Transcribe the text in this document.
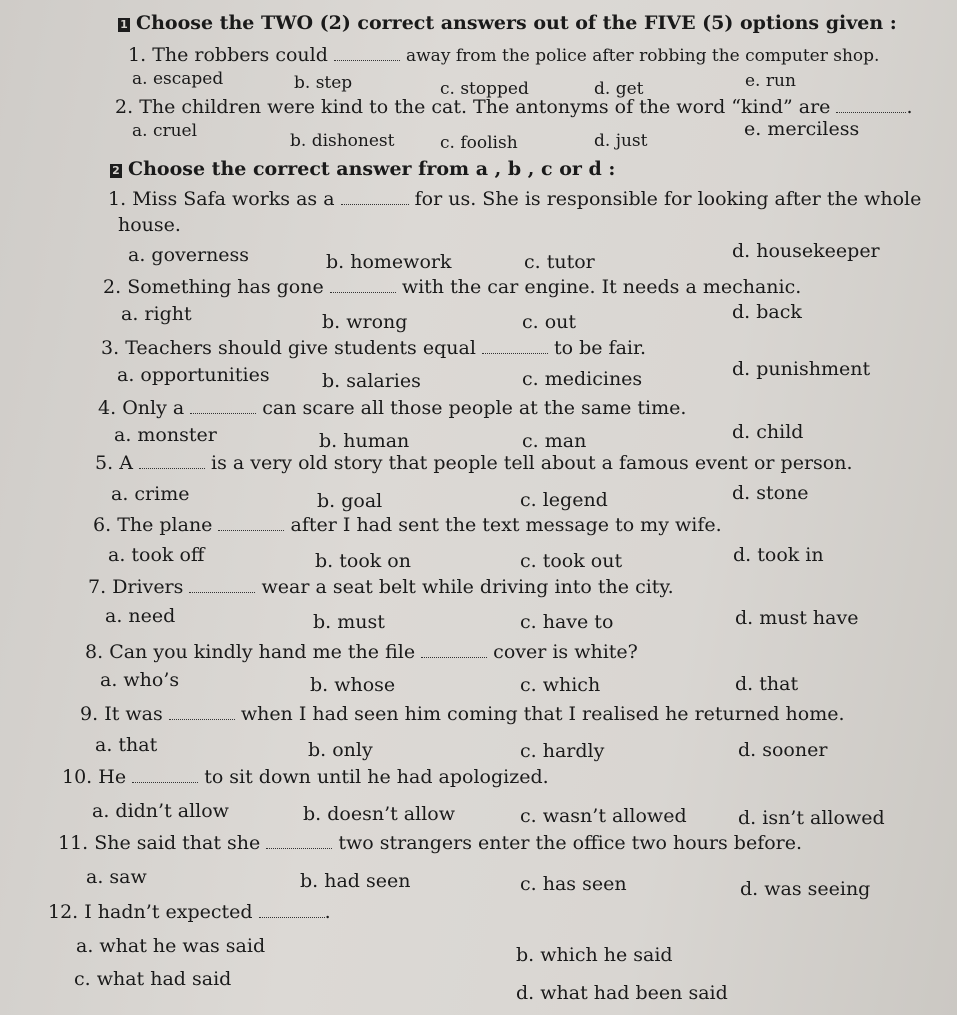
1 Choose the TWO (2) correct answers out of the FIVE (5) options given :
1. The robbers could	away from the police after robbing the computer shop.
a. escaped	b. step	c. stopped	d. get	e. run
2. The children were kind to the cat. The antonyms of the word “kind” are	.
a. cruel	b. dishonest	c. foolish	d. just
e. merciless
2 Choose the correct answer from a , b , c or d :
1. Miss Safa works as a	for us. She is responsible for looking after the whole
house.
a. governess	b. homework	c. tutor	d. housekeeper
2. Something has gone	with the car engine. It needs a mechanic.
a. right	b. wrong	c. out	d. back
3. Teachers should give students equal	to be fair.
a. opportunities	b. salaries	c. medicines	d. punishment
4. Only a	can scare all those people at the same time.
a. monster	b. human	c. man	d. child
5. A	is a very old story that people tell about a famous event or person.
a. crime	b. goal	c. legend	d. stone
6. The plane	after I had sent the text message to my wife.
a. took off	b. took on	c. took out	d. took in
7. Drivers	wear a seat belt while driving into the city.
a. need	b. must	c. have to	d. must have
8. Can you kindly hand me the file	cover is white?
a. who’s	b. whose	c. which	d. that
9. It was	when I had seen him coming that I realised he returned home.
a. that	b. only	c. hardly	d. sooner
10. He	to sit down until he had apologized.
a. didn’t allow	b. doesn’t allow	c. wasn’t allowed	d. isn’t allowed
11. She said that she	two strangers enter the office two hours before.
a. saw	b. had seen	c. has seen	d. was seeing
12. I hadn’t expected	.
a. what he was said	b. which he said
c. what had said
d. what had been said
